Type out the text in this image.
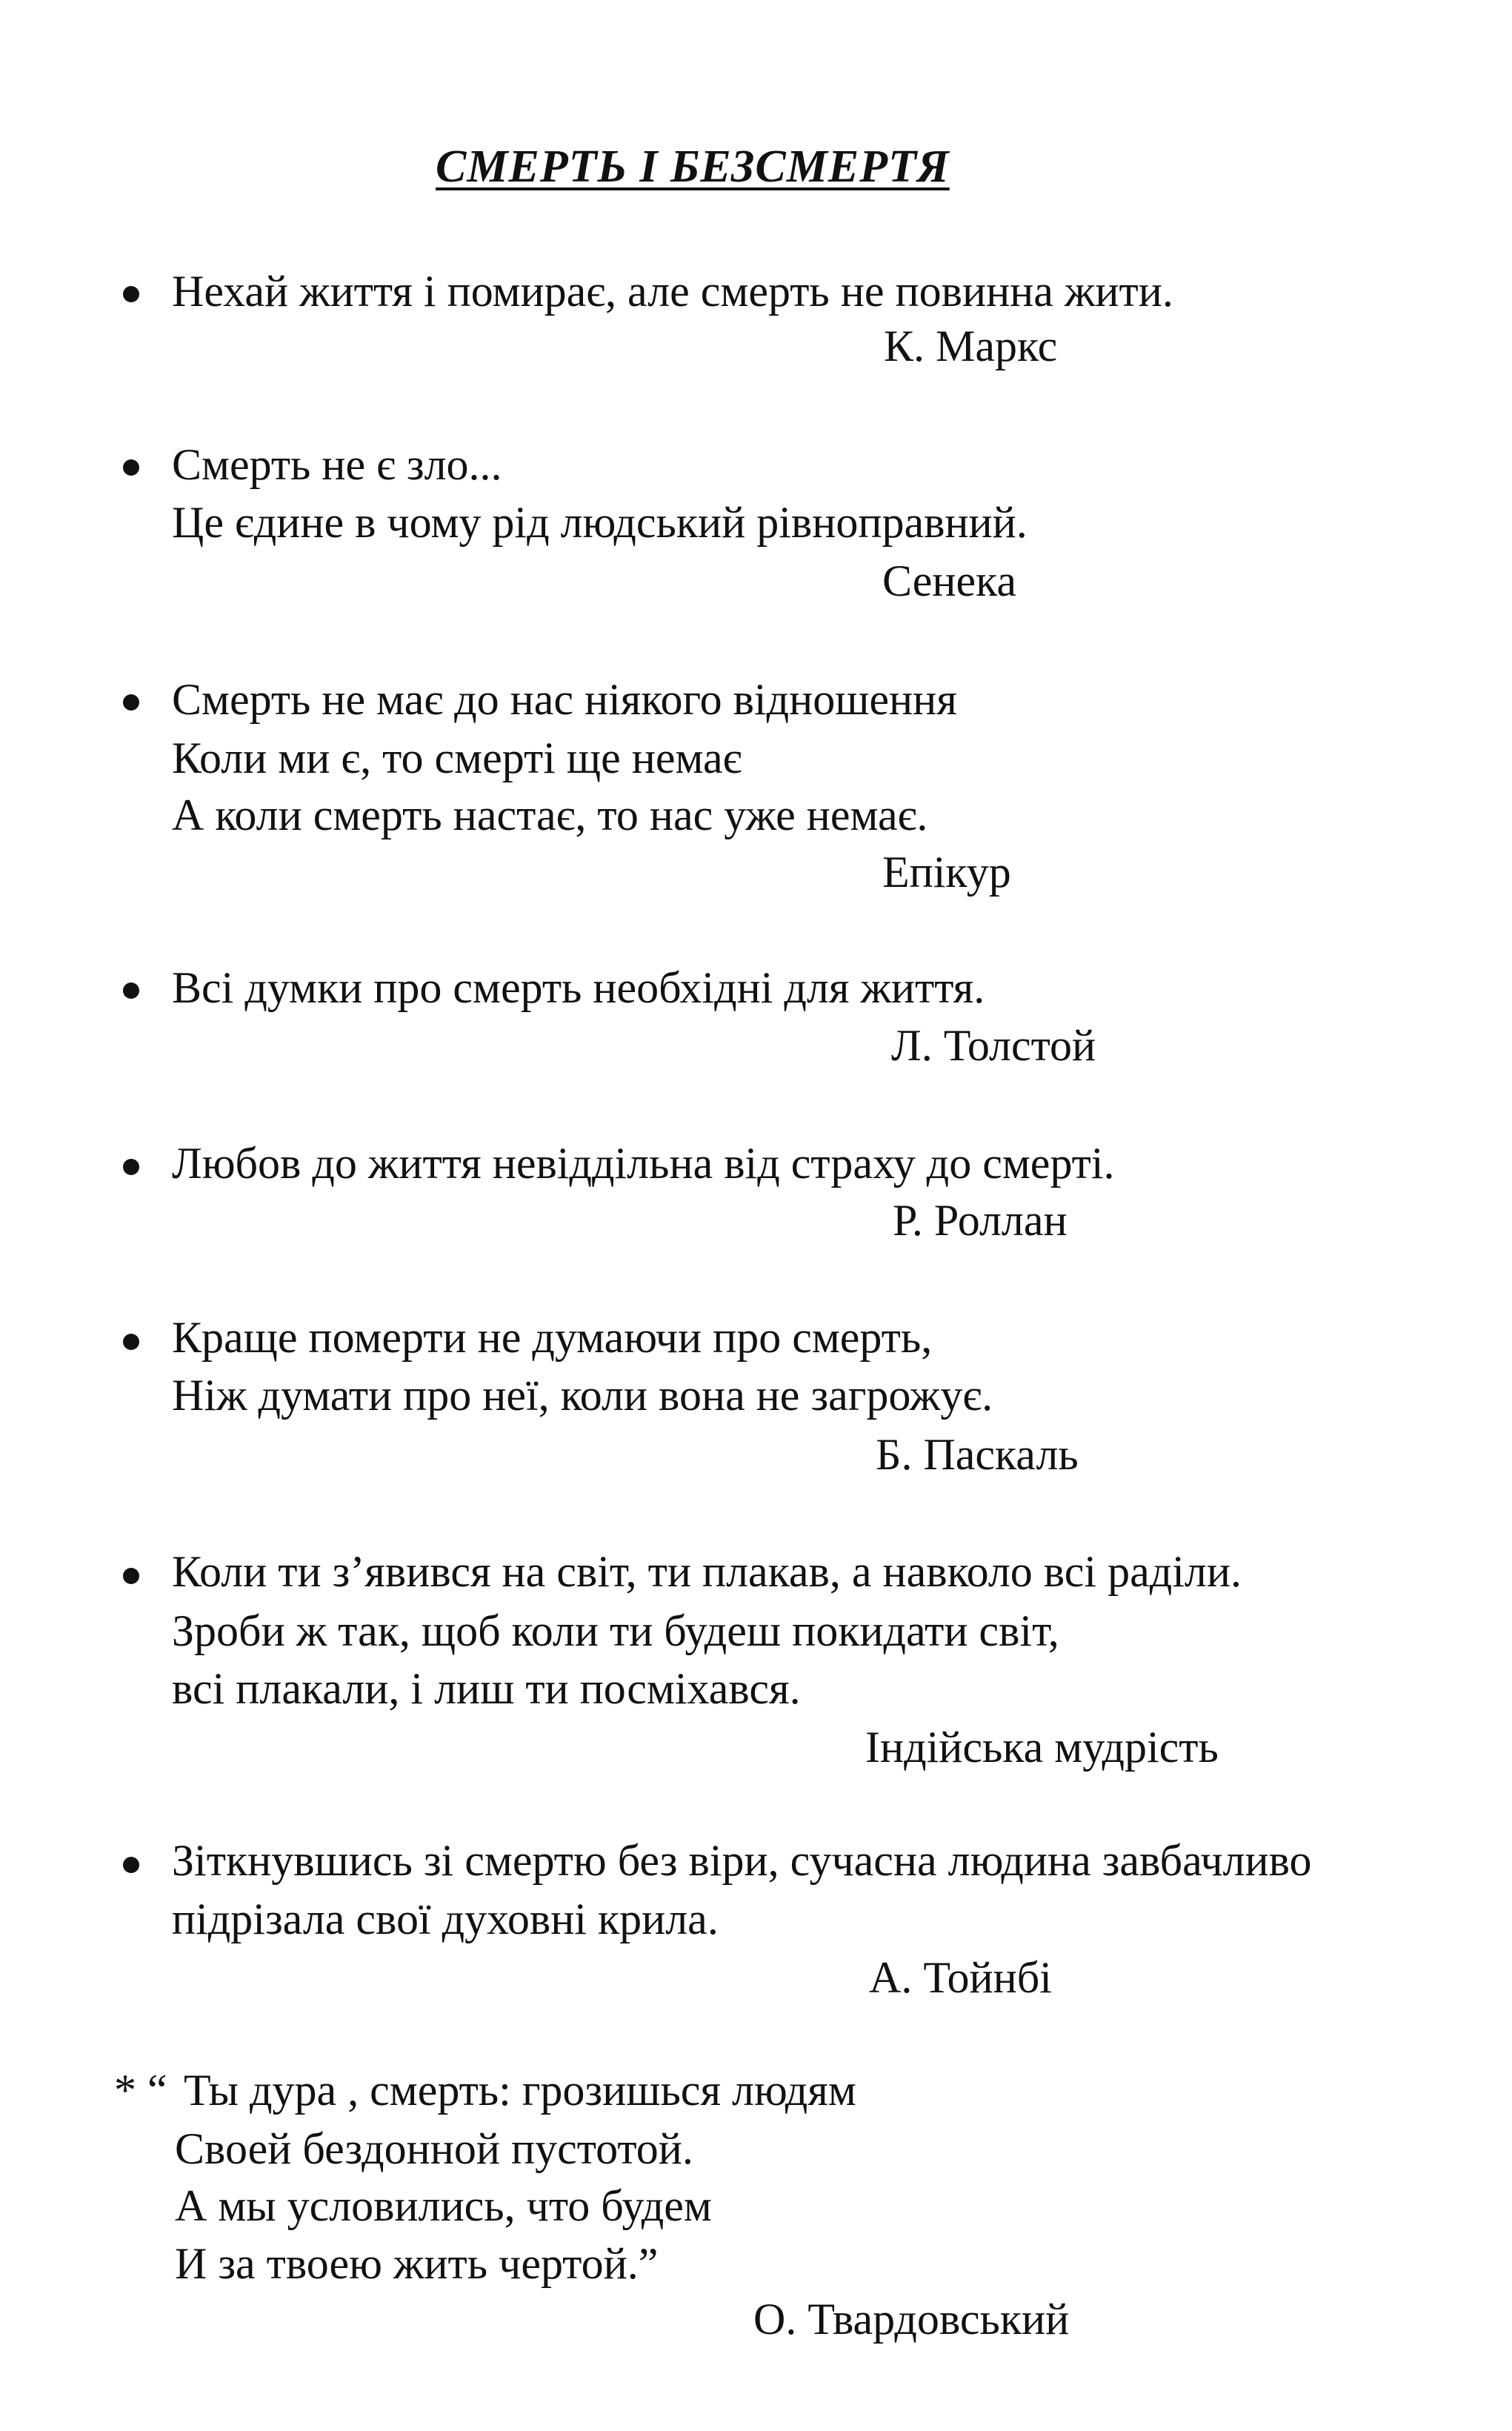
СМЕРТЬ І БЕЗСМЕРТЯ
Нехай життя і помирає, але смерть не повинна жити.
К. Маркс
Смерть не є зло...
Це єдине в чому рід людський рівноправний.
Сенека
Смерть не має до нас ніякого відношення
Коли ми є, то смерті ще немає
А коли смерть настає, то нас уже немає.
Епікур
Всі думки про смерть необхідні для життя.
Л. Толстой
Любов до життя невіддільна від страху до смерті.
Р. Роллан
Краще померти не думаючи про смерть,
Ніж думати про неї, коли вона не загрожує.
Б. Паскаль
Коли ти з’явився на світ, ти плакав, а навколо всі раділи.
Зроби ж так, щоб коли ти будеш покидати світ,
всі плакали, і лиш ти посміхався.
Індійська мудрість
Зіткнувшись зі смертю без віри, сучасна людина завбачливо
підрізала свої духовні крила.
А. Тойнбі
* “ Ты дура , смерть: грозишься людям
Своей бездонной пустотой.
А мы условились, что будем
И за твоею жить чертой.”
О. Твардовський
